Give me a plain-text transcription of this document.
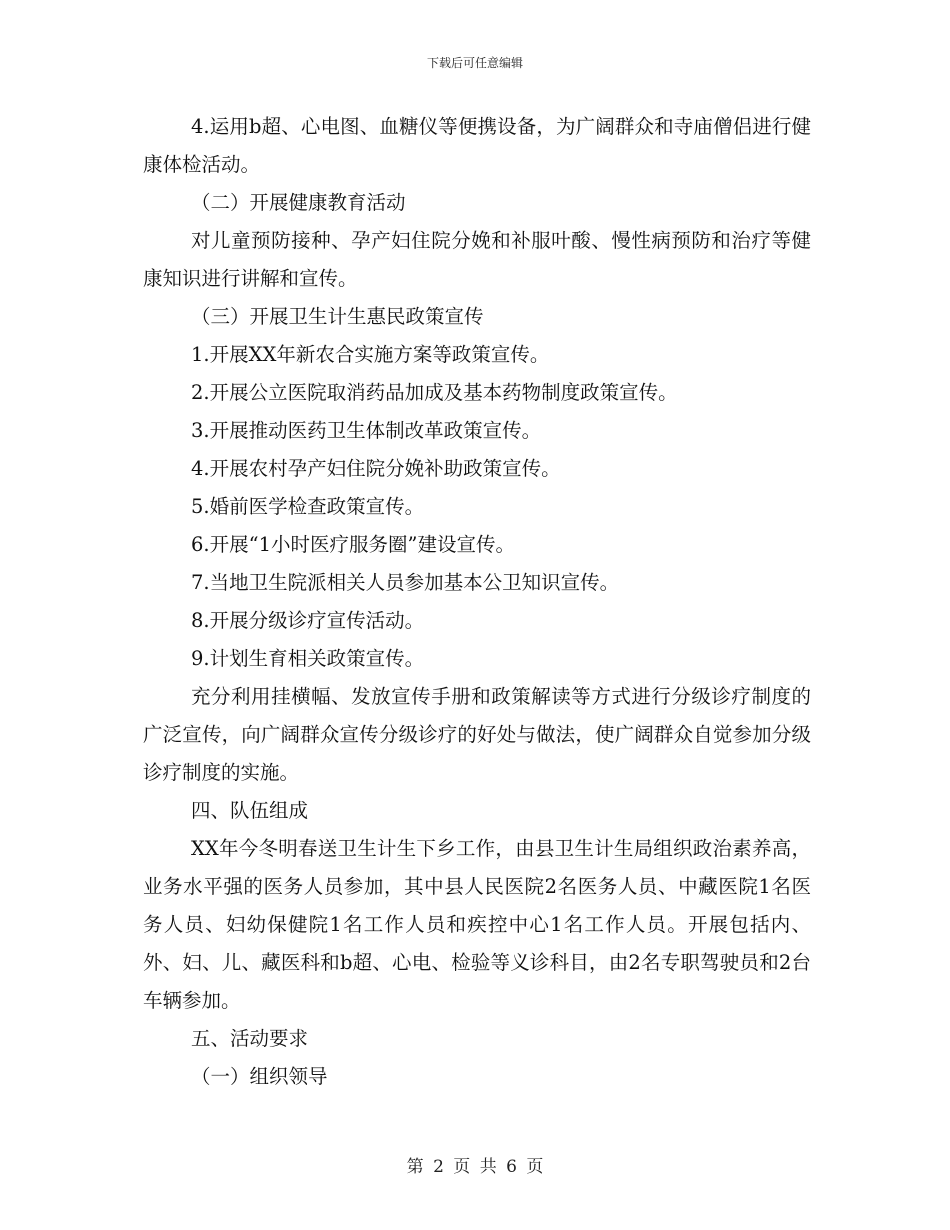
下载后可任意编辑

4.运用b超、心电图、血糖仪等便携设备，为广阔群众和寺庙僧侣进行健康体检活动。

（二）开展健康教育活动

对儿童预防接种、孕产妇住院分娩和补服叶酸、慢性病预防和治疗等健康知识进行讲解和宣传。

（三）开展卫生计生惠民政策宣传

1.开展XX年新农合实施方案等政策宣传。

2.开展公立医院取消药品加成及基本药物制度政策宣传。

3.开展推动医药卫生体制改革政策宣传。

4.开展农村孕产妇住院分娩补助政策宣传。

5.婚前医学检查政策宣传。

6.开展“1小时医疗服务圈”建设宣传。

7.当地卫生院派相关人员参加基本公卫知识宣传。

8.开展分级诊疗宣传活动。

9.计划生育相关政策宣传。

充分利用挂横幅、发放宣传手册和政策解读等方式进行分级诊疗制度的广泛宣传，向广阔群众宣传分级诊疗的好处与做法，使广阔群众自觉参加分级诊疗制度的实施。

四、队伍组成

XX年今冬明春送卫生计生下乡工作，由县卫生计生局组织政治素养高，业务水平强的医务人员参加，其中县人民医院2名医务人员、中藏医院1名医务人员、妇幼保健院1名工作人员和疾控中心1名工作人员。开展包括内、外、妇、儿、藏医科和b超、心电、检验等义诊科目，由2名专职驾驶员和2台车辆参加。

五、活动要求

（一）组织领导

第 2 页 共 6 页
